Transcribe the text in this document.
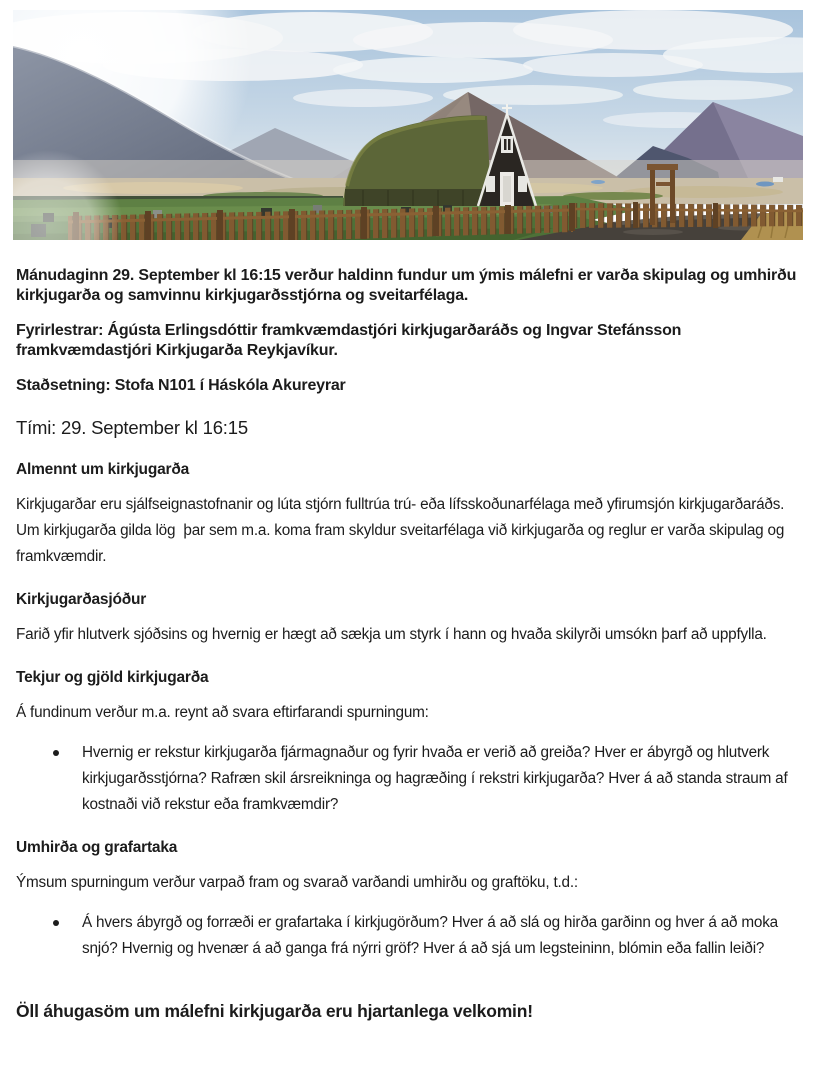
Mánudaginn 29. September kl 16:15 verður haldinn fundur um ýmis málefni er varða skipulag og umhirðu kirkjugarða og samvinnu kirkjugarðsstjórna og sveitarfélaga.

Fyrirlestrar: Ágústa Erlingsdóttir framkvæmdastjóri kirkjugarðaráðs og Ingvar Stefánsson framkvæmdastjóri Kirkjugarða Reykjavíkur.

Staðsetning: Stofa N101 í Háskóla Akureyrar

Tími: 29. September kl 16:15

Almennt um kirkjugarða

Kirkjugarðar eru sjálfseignastofnanir og lúta stjórn fulltrúa trú- eða lífsskoðunarfélaga með yfirumsjón kirkjugarðaráðs. Um kirkjugarða gilda lög  þar sem m.a. koma fram skyldur sveitarfélaga við kirkjugarða og reglur er varða skipulag og framkvæmdir.

Kirkjugarðasjóður

Farið yfir hlutverk sjóðsins og hvernig er hægt að sækja um styrk í hann og hvaða skilyrði umsókn þarf að uppfylla.

Tekjur og gjöld kirkjugarða

Á fundinum verður m.a. reynt að svara eftirfarandi spurningum:

Hvernig er rekstur kirkjugarða fjármagnaður og fyrir hvaða er verið að greiða? Hver er ábyrgð og hlutverk kirkjugarðsstjórna? Rafræn skil ársreikninga og hagræðing í rekstri kirkjugarða? Hver á að standa straum af kostnaði við rekstur eða framkvæmdir?
Umhirða og grafartaka

Ýmsum spurningum verður varpað fram og svarað varðandi umhirðu og graftöku, t.d.:

Á hvers ábyrgð og forræði er grafartaka í kirkjugörðum? Hver á að slá og hirða garðinn og hver á að moka snjó? Hvernig og hvenær á að ganga frá nýrri gröf? Hver á að sjá um legsteininn, blómin eða fallin leiði?

Öll áhugasöm um málefni kirkjugarða eru hjartanlega velkomin!
